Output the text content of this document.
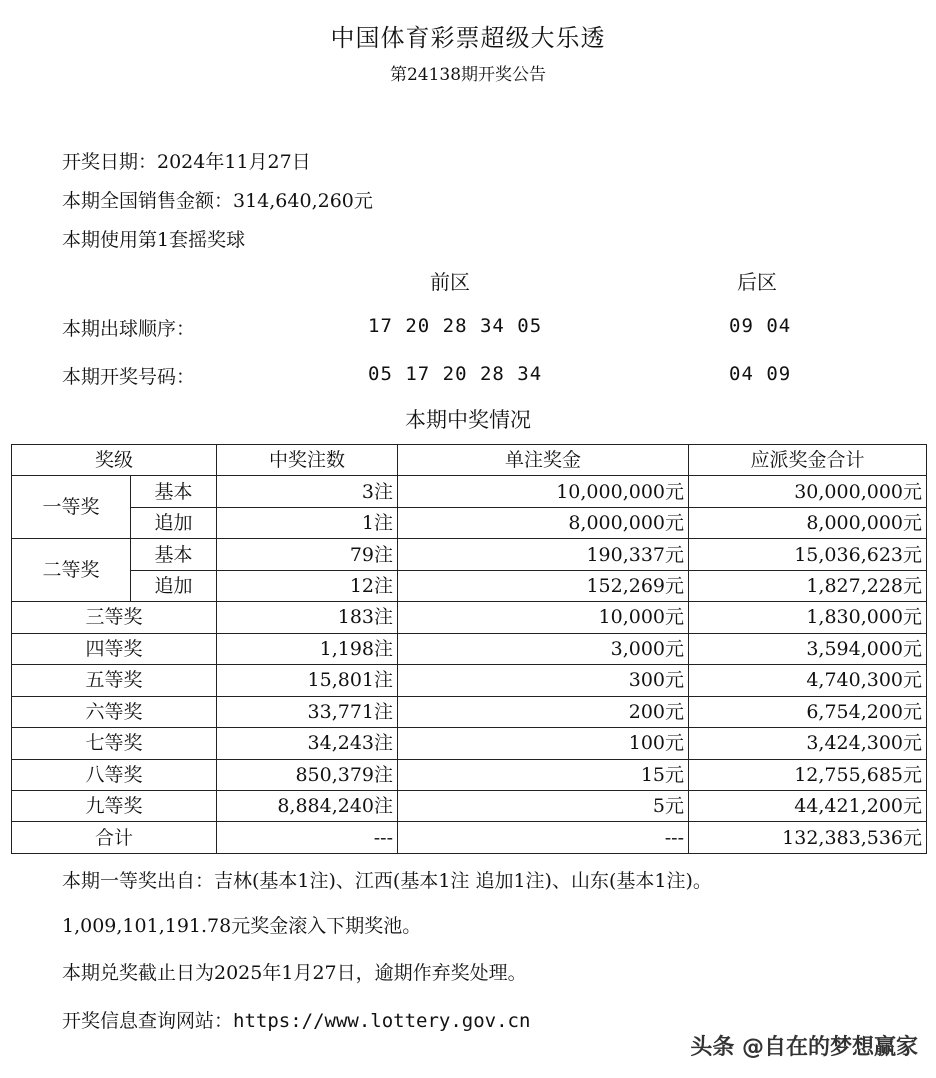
中国体育彩票超级大乐透
第24138期开奖公告
开奖日期：2024年11月27日
本期全国销售金额：314,640,260元
本期使用第1套摇奖球
前区	后区
本期出球顺序：	17 20 28 34 05	09 04
本期开奖号码：	05 17 20 28 34	04 09
本期中奖情况
奖级		中奖注数	单注奖金	应派奖金合计
一等奖	基本	3注	10,000,000元	30,000,000元
	追加	1注	8,000,000元	8,000,000元
二等奖	基本	79注	190,337元	15,036,623元
	追加	12注	152,269元	1,827,228元
三等奖		183注	10,000元	1,830,000元
四等奖		1,198注	3,000元	3,594,000元
五等奖		15,801注	300元	4,740,300元
六等奖		33,771注	200元	6,754,200元
七等奖		34,243注	100元	3,424,300元
八等奖		850,379注	15元	12,755,685元
九等奖		8,884,240注	5元	44,421,200元
合计		---	---	132,383,536元
本期一等奖出自：吉林(基本1注)、江西(基本1注 追加1注)、山东(基本1注)。
1,009,101,191.78元奖金滚入下期奖池。
本期兑奖截止日为2025年1月27日，逾期作弃奖处理。
开奖信息查询网站：https://www.lottery.gov.cn
头条 @自在的梦想赢家
